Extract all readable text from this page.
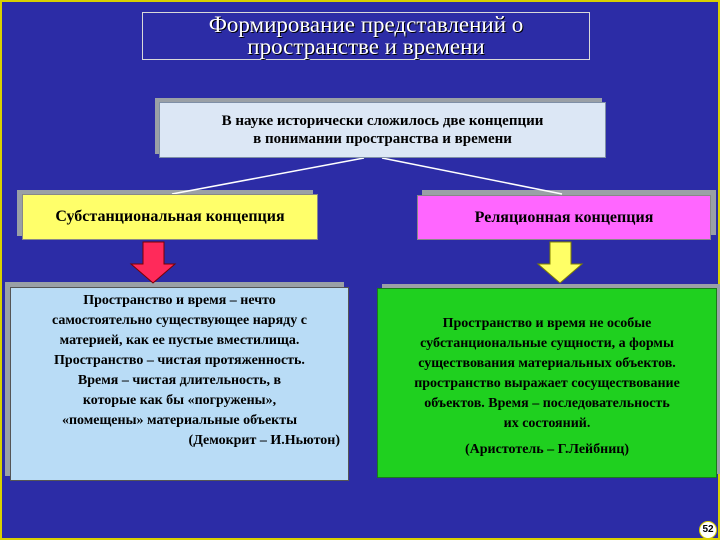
Формирование представлений о
пространстве и времени
В науке исторически сложилось две концепции
в понимании пространства и времени
Субстанциональная концепция	Реляционная концепция
Пространство и время – нечто
самостоятельно существующее наряду с
материей, как ее пустые вместилища.
Пространство – чистая протяженность.
Время – чистая длительность, в
которые как бы «погружены»,
«помещены» материальные объекты
(Демокрит – И.Ньютон)
Пространство и время не особые
субстанциональные сущности, а формы
существования материальных объектов.
пространство выражает сосуществование
объектов. Время – последовательность
их состояний.
(Аристотель – Г.Лейбниц)
52
